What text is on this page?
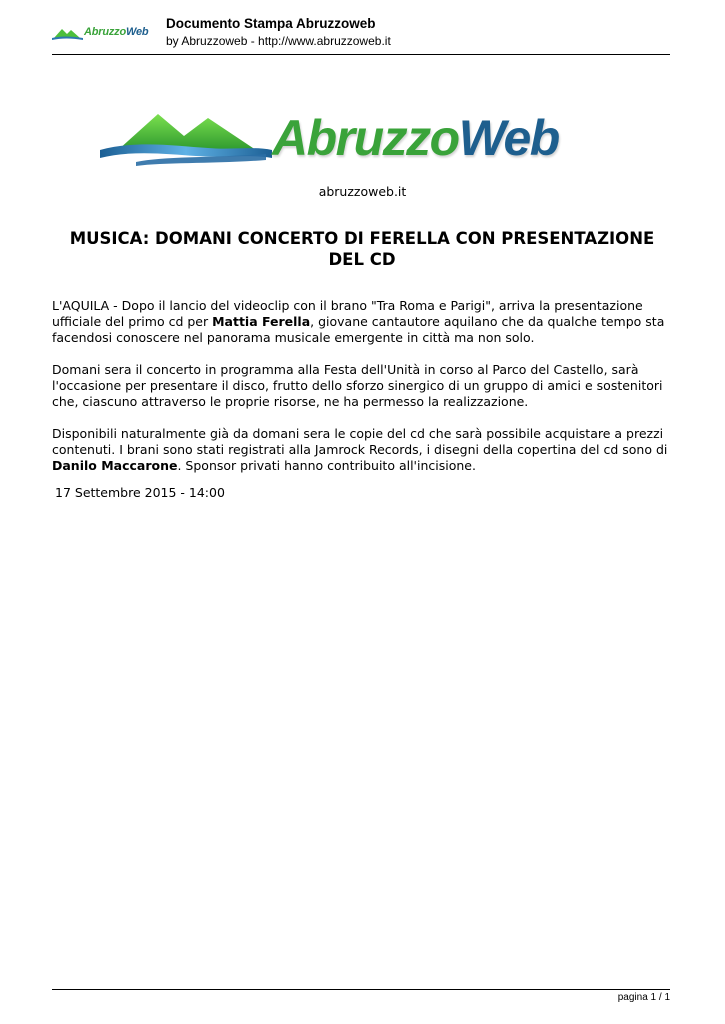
AbruzzoWeb
Documento Stampa Abruzzoweb
by Abruzzoweb - http://www.abruzzoweb.it
AbruzzoWeb
abruzzoweb.it
MUSICA: DOMANI CONCERTO DI FERELLA CON PRESENTAZIONE DEL CD

L'AQUILA - Dopo il lancio del videoclip con il brano "Tra Roma e Parigi", arriva la presentazione ufficiale del primo cd per Mattia Ferella, giovane cantautore aquilano che da qualche tempo sta facendosi conoscere nel panorama musicale emergente in città ma non solo.

Domani sera il concerto in programma alla Festa dell'Unità in corso al Parco del Castello, sarà l'occasione per presentare il disco, frutto dello sforzo sinergico di un gruppo di amici e sostenitori che, ciascuno attraverso le proprie risorse, ne ha permesso la realizzazione.

Disponibili naturalmente già da domani sera le copie del cd che sarà possibile acquistare a prezzi contenuti. I brani sono stati registrati alla Jamrock Records, i disegni della copertina del cd sono di Danilo Maccarone. Sponsor privati hanno contribuito all'incisione.

17 Settembre 2015 - 14:00
pagina 1 / 1
